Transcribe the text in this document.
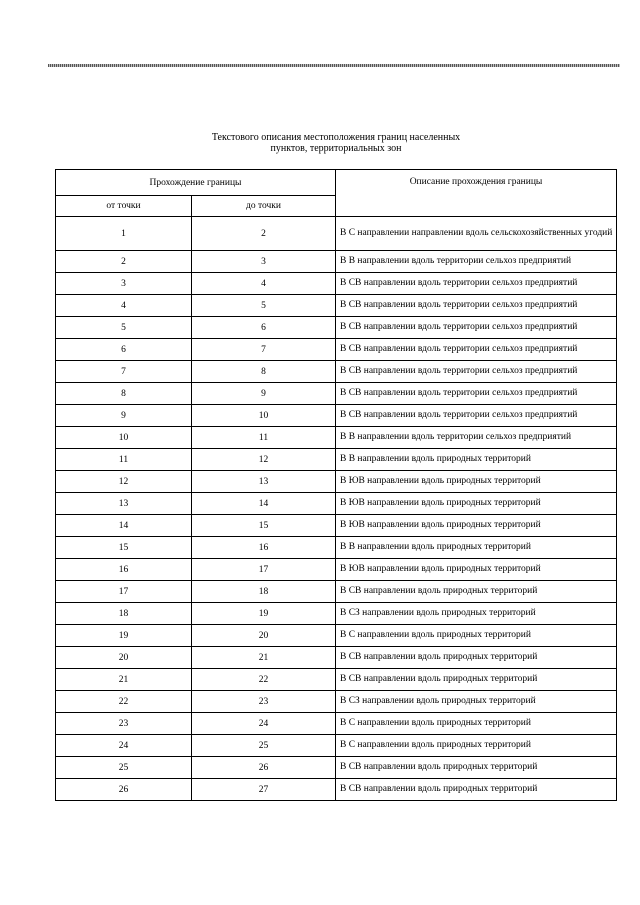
Текстового описания местоположения границ населенных
пунктов, территориальных зон
Прохождение границы		Описание прохождения границы
от точки	до точки	
1	2	В С направлении направлении вдоль сельскохозяйственных угодий
2	3	В В направлении вдоль территории сельхоз предприятий
3	4	В СВ направлении вдоль территории сельхоз предприятий
4	5	В СВ направлении вдоль территории сельхоз предприятий
5	6	В СВ направлении вдоль территории сельхоз предприятий
6	7	В СВ направлении вдоль территории сельхоз предприятий
7	8	В СВ направлении вдоль территории сельхоз предприятий
8	9	В СВ направлении вдоль территории сельхоз предприятий
9	10	В СВ направлении вдоль территории сельхоз предприятий
10	11	В В направлении вдоль территории сельхоз предприятий
11	12	В В направлении вдоль природных территорий
12	13	В ЮВ направлении вдоль природных территорий
13	14	В ЮВ направлении вдоль природных территорий
14	15	В ЮВ направлении вдоль природных территорий
15	16	В В направлении вдоль природных территорий
16	17	В ЮВ направлении вдоль природных территорий
17	18	В СВ направлении вдоль природных территорий
18	19	В СЗ направлении вдоль природных территорий
19	20	В С направлении вдоль природных территорий
20	21	В СВ направлении вдоль природных территорий
21	22	В СВ направлении вдоль природных территорий
22	23	В СЗ направлении вдоль природных территорий
23	24	В С направлении вдоль природных территорий
24	25	В С направлении вдоль природных территорий
25	26	В СВ направлении вдоль природных территорий
26	27	В СВ направлении вдоль природных территорий
